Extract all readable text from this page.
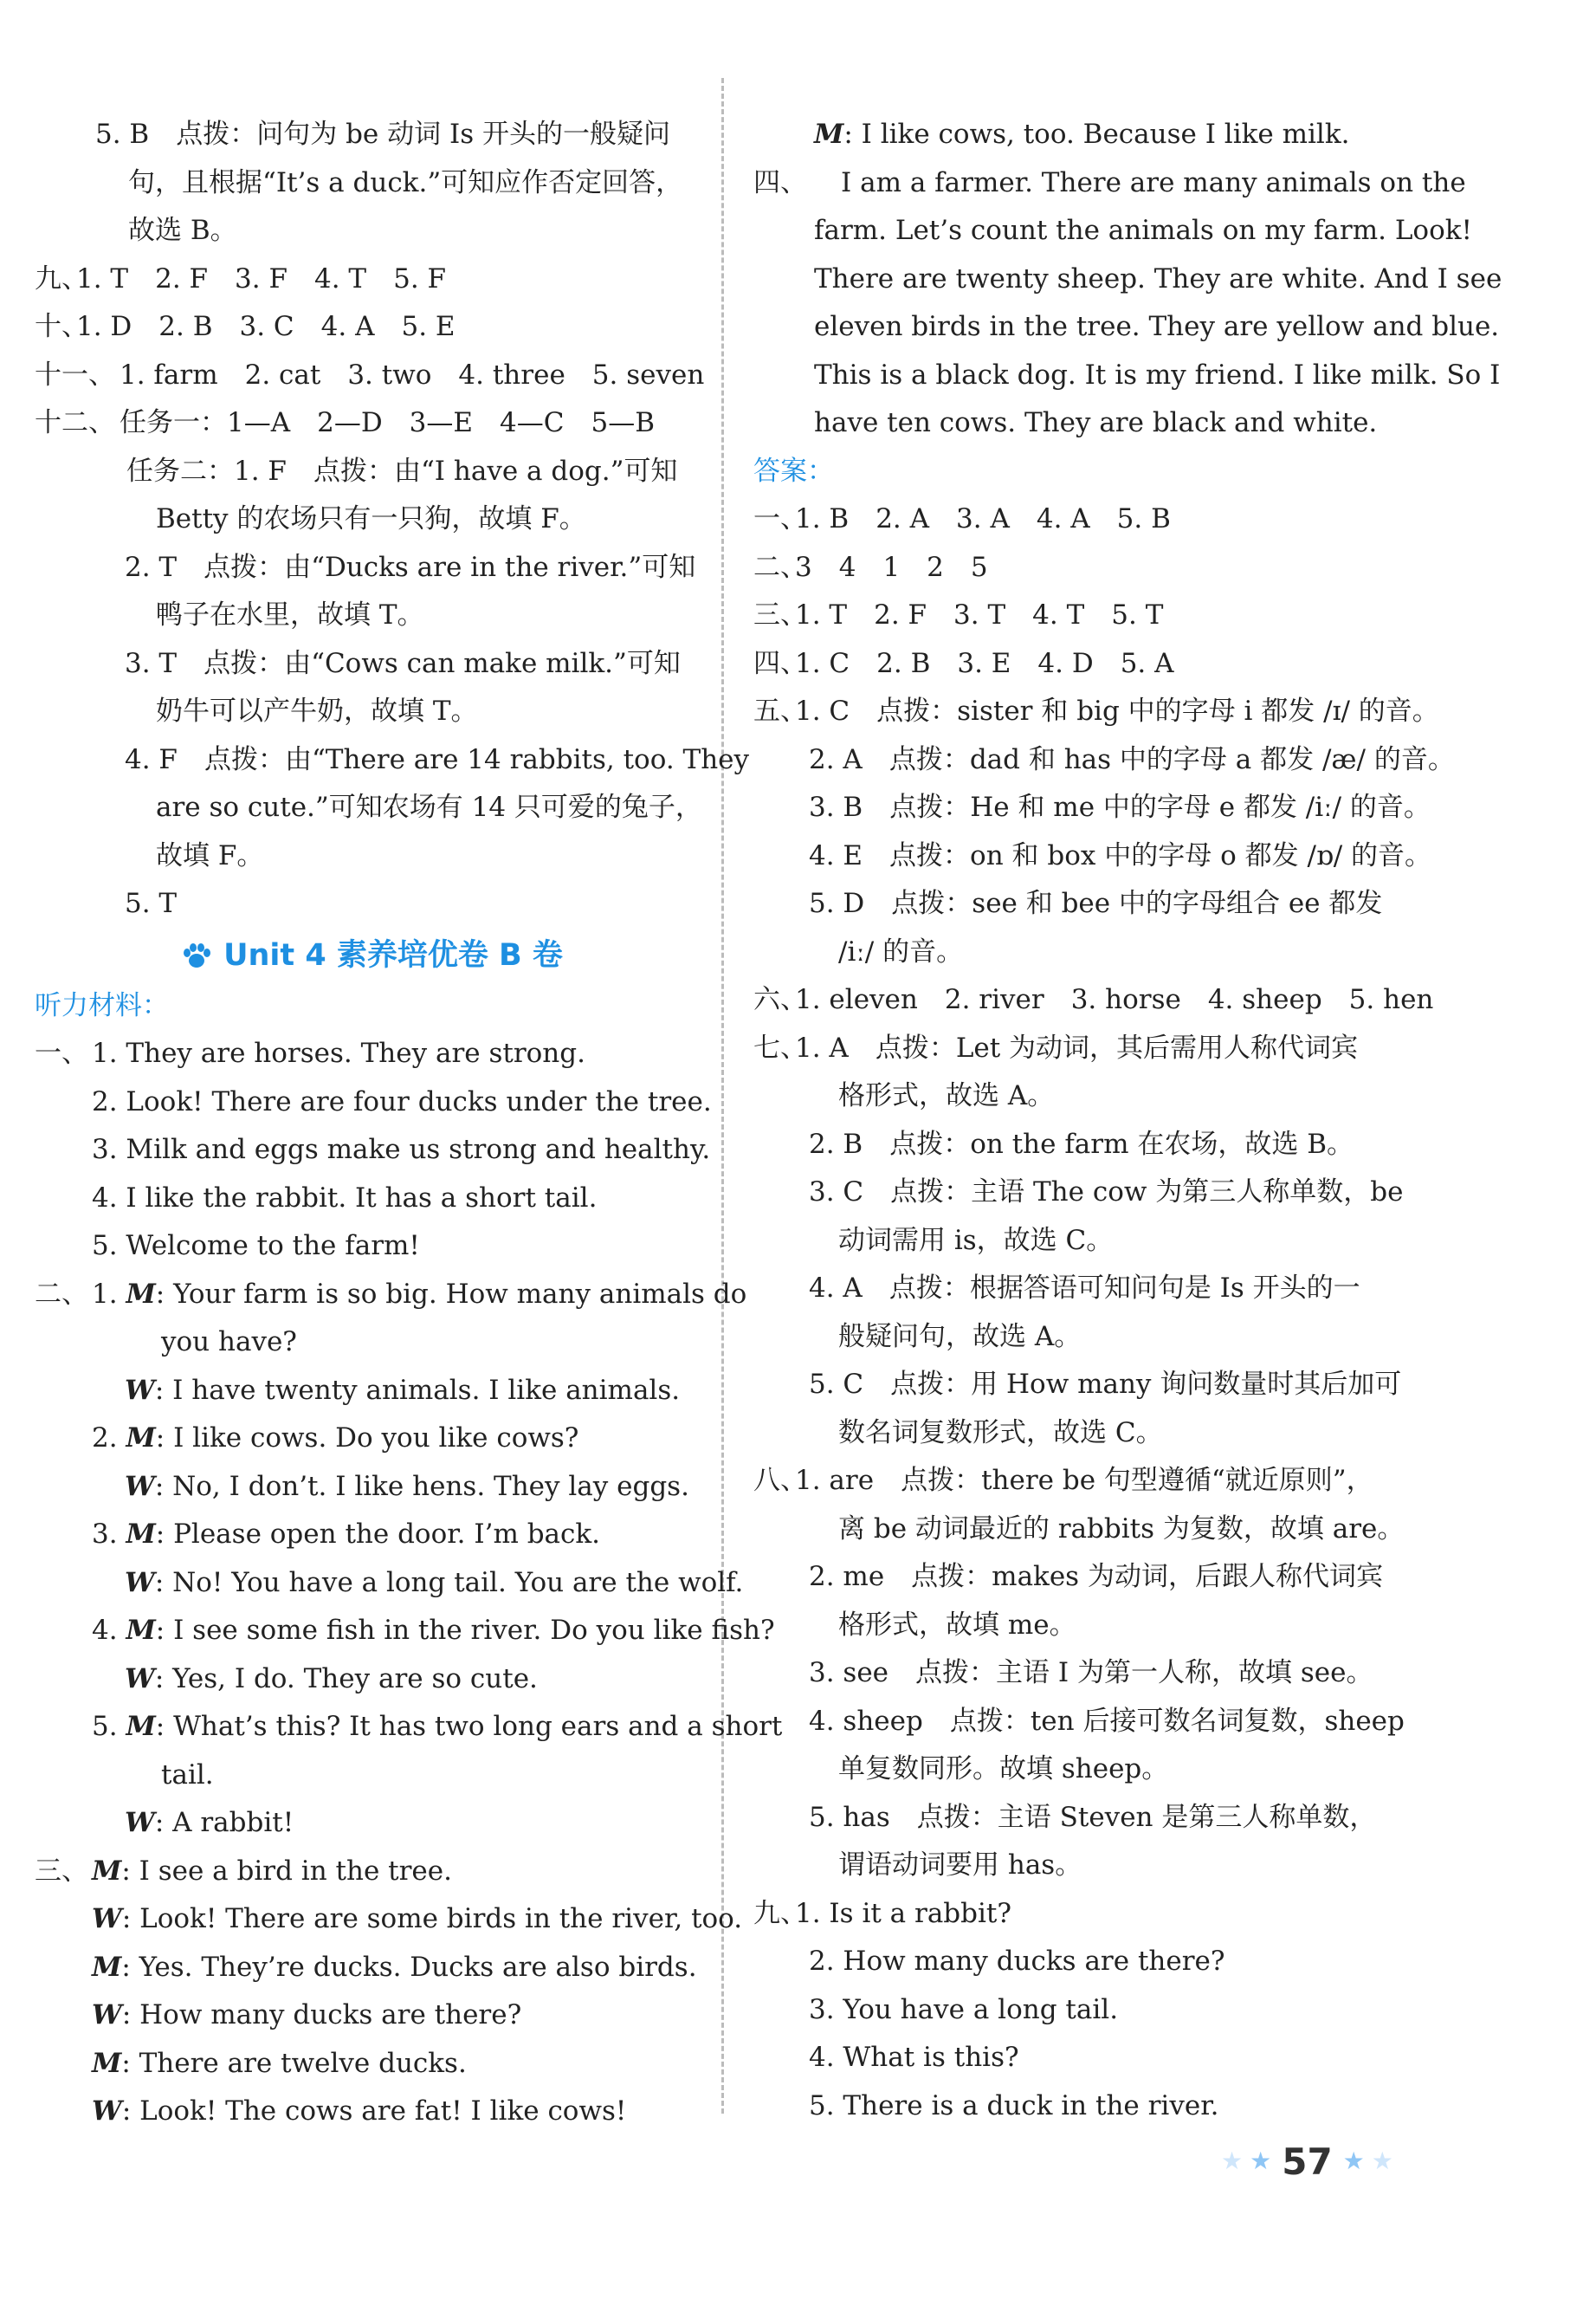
5. B　点拨：问句为 be 动词 Is 开头的一般疑问
句，且根据“It’s a duck.”可知应作否定回答，
故选 B。
九、
1. T　2. F　3. F　4. T　5. F
十、
1. D　2. B　3. C　4. A　5. E
十一、 1. farm　2. cat　3. two　4. three　5. seven
十二、 任务一：1—A　2—D　3—E　4—C　5—B
任务二：1. F　点拨：由“I have a dog.”可知
Betty 的农场只有一只狗，故填 F。
2. T　点拨：由“Ducks are in the river.”可知
鸭子在水里，故填 T。
3. T　点拨：由“Cows can make milk.”可知
奶牛可以产牛奶，故填 T。
4. F　点拨：由“There are 14 rabbits, too. They
are so cute.”可知农场有 14 只可爱的兔子，
故填 F。
5. T
Unit 4 素养培优卷 B 卷
听力材料：
一、 1. They are horses. They are strong.
2. Look! There are four ducks under the tree.
3. Milk and eggs make us strong and healthy.
4. I like the rabbit. It has a short tail.
5. Welcome to the farm!
二、 1. M: Your farm is so big. How many animals do
you have?
W: I have twenty animals. I like animals.
2. M: I like cows. Do you like cows?
W: No, I don’t. I like hens. They lay eggs.
3. M: Please open the door. I’m back.
W: No! You have a long tail. You are the wolf.
4. M: I see some fish in the river. Do you like fish?
W: Yes, I do. They are so cute.
5. M: What’s this? It has two long ears and a short
tail.
W: A rabbit!
三、 M: I see a bird in the tree.
W: Look! There are some birds in the river, too.
M: Yes. They’re ducks. Ducks are also birds.
W: How many ducks are there?
M: There are twelve ducks.
W: Look! The cows are fat! I like cows!
M: I like cows, too. Because I like milk.
四、 　I am a farmer. There are many animals on the
farm. Let’s count the animals on my farm. Look!
There are twenty sheep. They are white. And I see
eleven birds in the tree. They are yellow and blue.
This is a black dog. It is my friend. I like milk. So I
have ten cows. They are black and white.
答案：
一、
1. B　2. A　3. A　4. A　5. B
二、
3　4　1　2　5
三、
1. T　2. F　3. T　4. T　5. T
四、
1. C　2. B　3. E　4. D　5. A
五、
1. C　点拨：sister 和 big 中的字母 i 都发 /ɪ/ 的音。
2. A　点拨：dad 和 has 中的字母 a 都发 /æ/ 的音。
3. B　点拨：He 和 me 中的字母 e 都发 /iː/ 的音。
4. E　点拨：on 和 box 中的字母 o 都发 /ɒ/ 的音。
5. D　点拨：see 和 bee 中的字母组合 ee 都发
/iː/ 的音。
六、
1. eleven　2. river　3. horse　4. sheep　5. hen
七、
1. A　点拨：Let 为动词，其后需用人称代词宾
格形式，故选 A。
2. B　点拨：on the farm 在农场，故选 B。
3. C　点拨：主语 The cow 为第三人称单数，be
动词需用 is，故选 C。
4. A　点拨：根据答语可知问句是 Is 开头的一
般疑问句，故选 A。
5. C　点拨：用 How many 询问数量时其后加可
数名词复数形式，故选 C。
八、
1. are　点拨：there be 句型遵循“就近原则”，
离 be 动词最近的 rabbits 为复数，故填 are。
2. me　点拨：makes 为动词，后跟人称代词宾
格形式，故填 me。
3. see　点拨：主语 I 为第一人称，故填 see。
4. sheep　点拨：ten 后接可数名词复数，sheep
单复数同形。故填 sheep。
5. has　点拨：主语 Steven 是第三人称单数，
谓语动词要用 has。
九、
1. Is it a rabbit?
2. How many ducks are there?
3. You have a long tail.
4. What is this?
5. There is a duck in the river.
★ ★ 57 ★ ★
